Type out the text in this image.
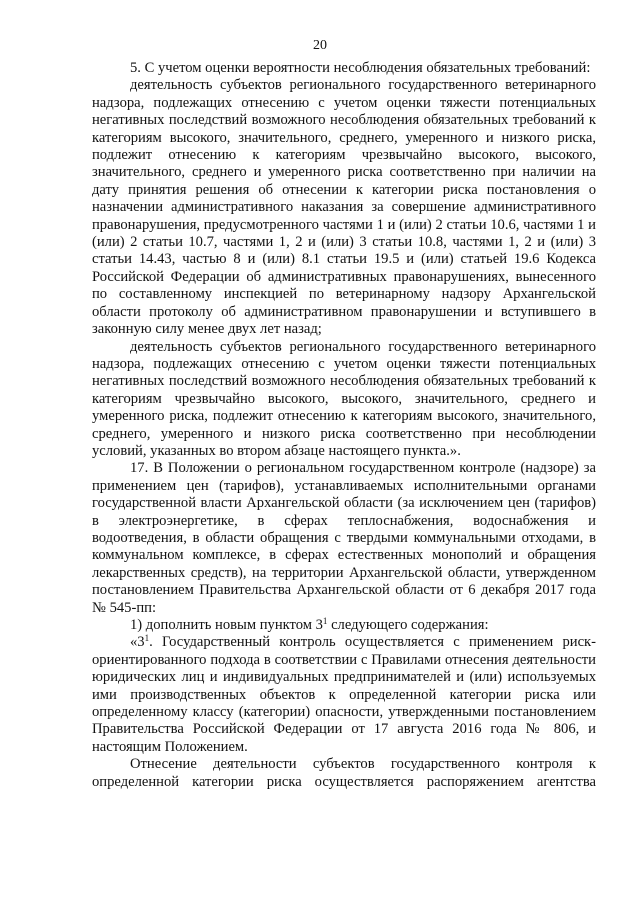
20

5. С учетом оценки вероятности несоблюдения обязательных требований:

деятельность субъектов регионального государственного ветеринарного надзора, подлежащих отнесению с учетом оценки тяжести потенциальных негативных последствий возможного несоблюдения обязательных требований к категориям высокого, значительного, среднего, умеренного и низкого риска, подлежит отнесению к категориям чрезвычайно высокого, высокого, значительного, среднего и умеренного риска соответственно при наличии на дату принятия решения об отнесении к категории риска постановления о назначении административного наказания за совершение административного правонарушения, предусмотренного частями 1 и (или) 2 статьи 10.6, частями 1 и (или) 2 статьи 10.7, частями 1, 2 и (или) 3 статьи 10.8, частями 1, 2 и (или) 3 статьи 14.43, частью 8 и (или) 8.1 статьи 19.5 и (или) статьей 19.6 Кодекса Российской Федерации об административных правонарушениях, вынесенного по составленному инспекцией по ветеринарному надзору Архангельской области протоколу об административном правонарушении и вступившего в законную силу менее двух лет назад;

деятельность субъектов регионального государственного ветеринарного надзора, подлежащих отнесению с учетом оценки тяжести потенциальных негативных последствий возможного несоблюдения обязательных требований к категориям чрезвычайно высокого, высокого, значительного, среднего и умеренного риска, подлежит отнесению к категориям высокого, значительного, среднего, умеренного и низкого риска соответственно при несоблюдении условий, указанных во втором абзаце настоящего пункта.».

17. В Положении о региональном государственном контроле (надзоре) за применением цен (тарифов), устанавливаемых исполнительными органами государственной власти Архангельской области (за исключением цен (тарифов) в электроэнергетике, в сферах теплоснабжения, водоснабжения и водоотведения, в области обращения с твердыми коммунальными отходами, в коммунальном комплексе, в сферах естественных монополий и обращения лекарственных средств), на территории Архангельской области, утвержденном постановлением Правительства Архангельской области от 6 декабря 2017 года № 545-пп:

1) дополнить новым пунктом $3^1$ следующего содержания:

«$3^1$. Государственный контроль осуществляется с применением риск-ориентированного подхода в соответствии с Правилами отнесения деятельности юридических лиц и индивидуальных предпринимателей и (или) используемых ими производственных объектов к определенной категории риска или определенному классу (категории) опасности, утвержденными постановлением Правительства Российской Федерации от 17 августа 2016 года № 806, и настоящим Положением.

Отнесение деятельности субъектов государственного контроля к определенной категории риска осуществляется распоряжением агентства
